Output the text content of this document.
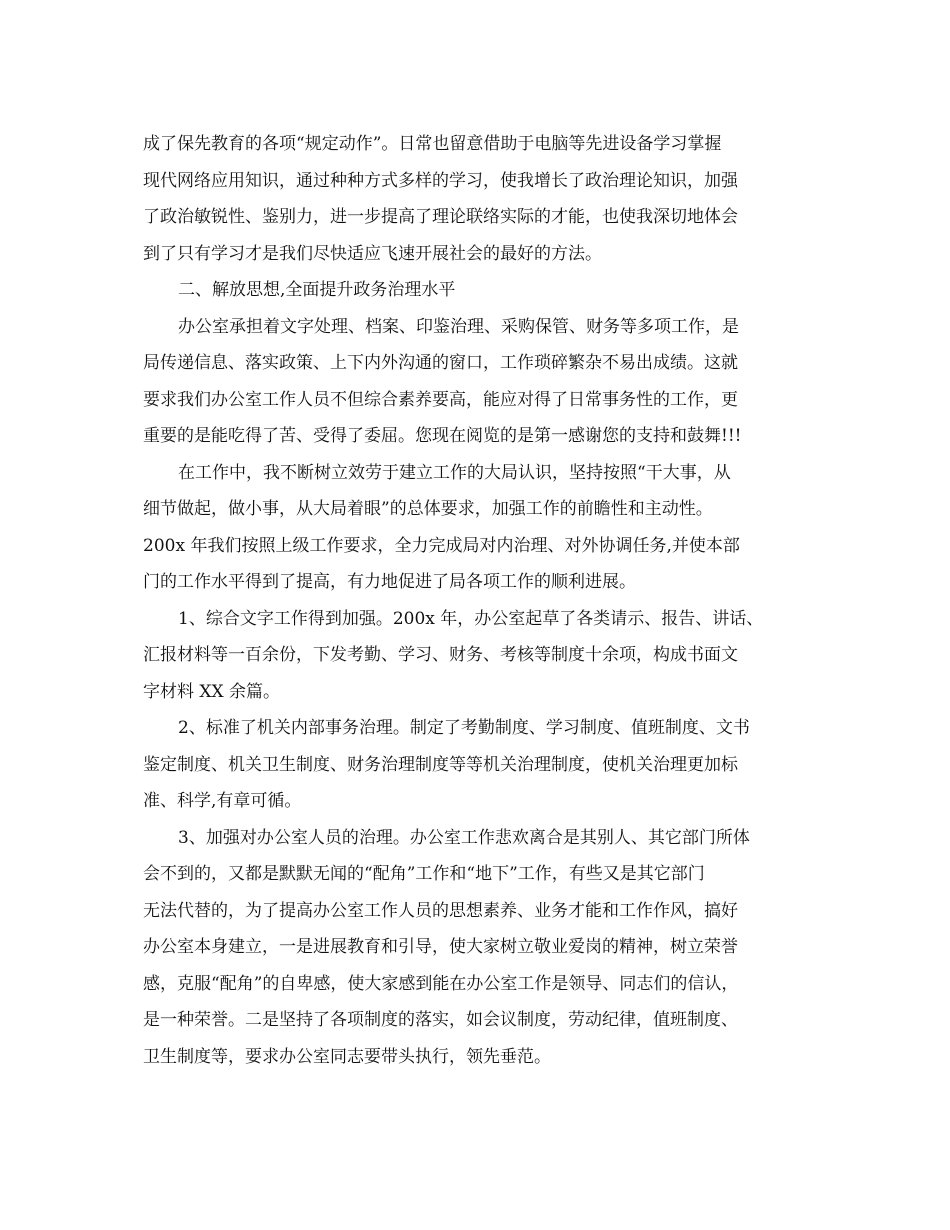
成了保先教育的各项“规定动作”。日常也留意借助于电脑等先进设备学习掌握
现代网络应用知识，通过种种方式多样的学习，使我增长了政治理论知识，加强
了政治敏锐性、鉴别力，进一步提高了理论联络实际的才能，也使我深切地体会
到了只有学习才是我们尽快适应飞速开展社会的最好的方法。
二、解放思想,全面提升政务治理水平
办公室承担着文字处理、档案、印鉴治理、采购保管、财务等多项工作，是
局传递信息、落实政策、上下内外沟通的窗口，工作琐碎繁杂不易出成绩。这就
要求我们办公室工作人员不但综合素养要高，能应对得了日常事务性的工作，更
重要的是能吃得了苦、受得了委屈。您现在阅览的是第一感谢您的支持和鼓舞!!!
在工作中，我不断树立效劳于建立工作的大局认识，坚持按照“干大事，从
细节做起，做小事，从大局着眼”的总体要求，加强工作的前瞻性和主动性。
200x 年我们按照上级工作要求，全力完成局对内治理、对外协调任务,并使本部
门的工作水平得到了提高，有力地促进了局各项工作的顺利进展。
1、综合文字工作得到加强。200x 年，办公室起草了各类请示、报告、讲话、
汇报材料等一百余份，下发考勤、学习、财务、考核等制度十余项，构成书面文
字材料 XX 余篇。
2、标准了机关内部事务治理。制定了考勤制度、学习制度、值班制度、文书
鉴定制度、机关卫生制度、财务治理制度等等机关治理制度，使机关治理更加标
准、科学,有章可循。
3、加强对办公室人员的治理。办公室工作悲欢离合是其别人、其它部门所体
会不到的，又都是默默无闻的“配角”工作和“地下”工作，有些又是其它部门
无法代替的，为了提高办公室工作人员的思想素养、业务才能和工作作风，搞好
办公室本身建立，一是进展教育和引导，使大家树立敬业爱岗的精神，树立荣誉
感，克服“配角”的自卑感，使大家感到能在办公室工作是领导、同志们的信认，
是一种荣誉。二是坚持了各项制度的落实，如会议制度，劳动纪律，值班制度、
卫生制度等，要求办公室同志要带头执行，领先垂范。
